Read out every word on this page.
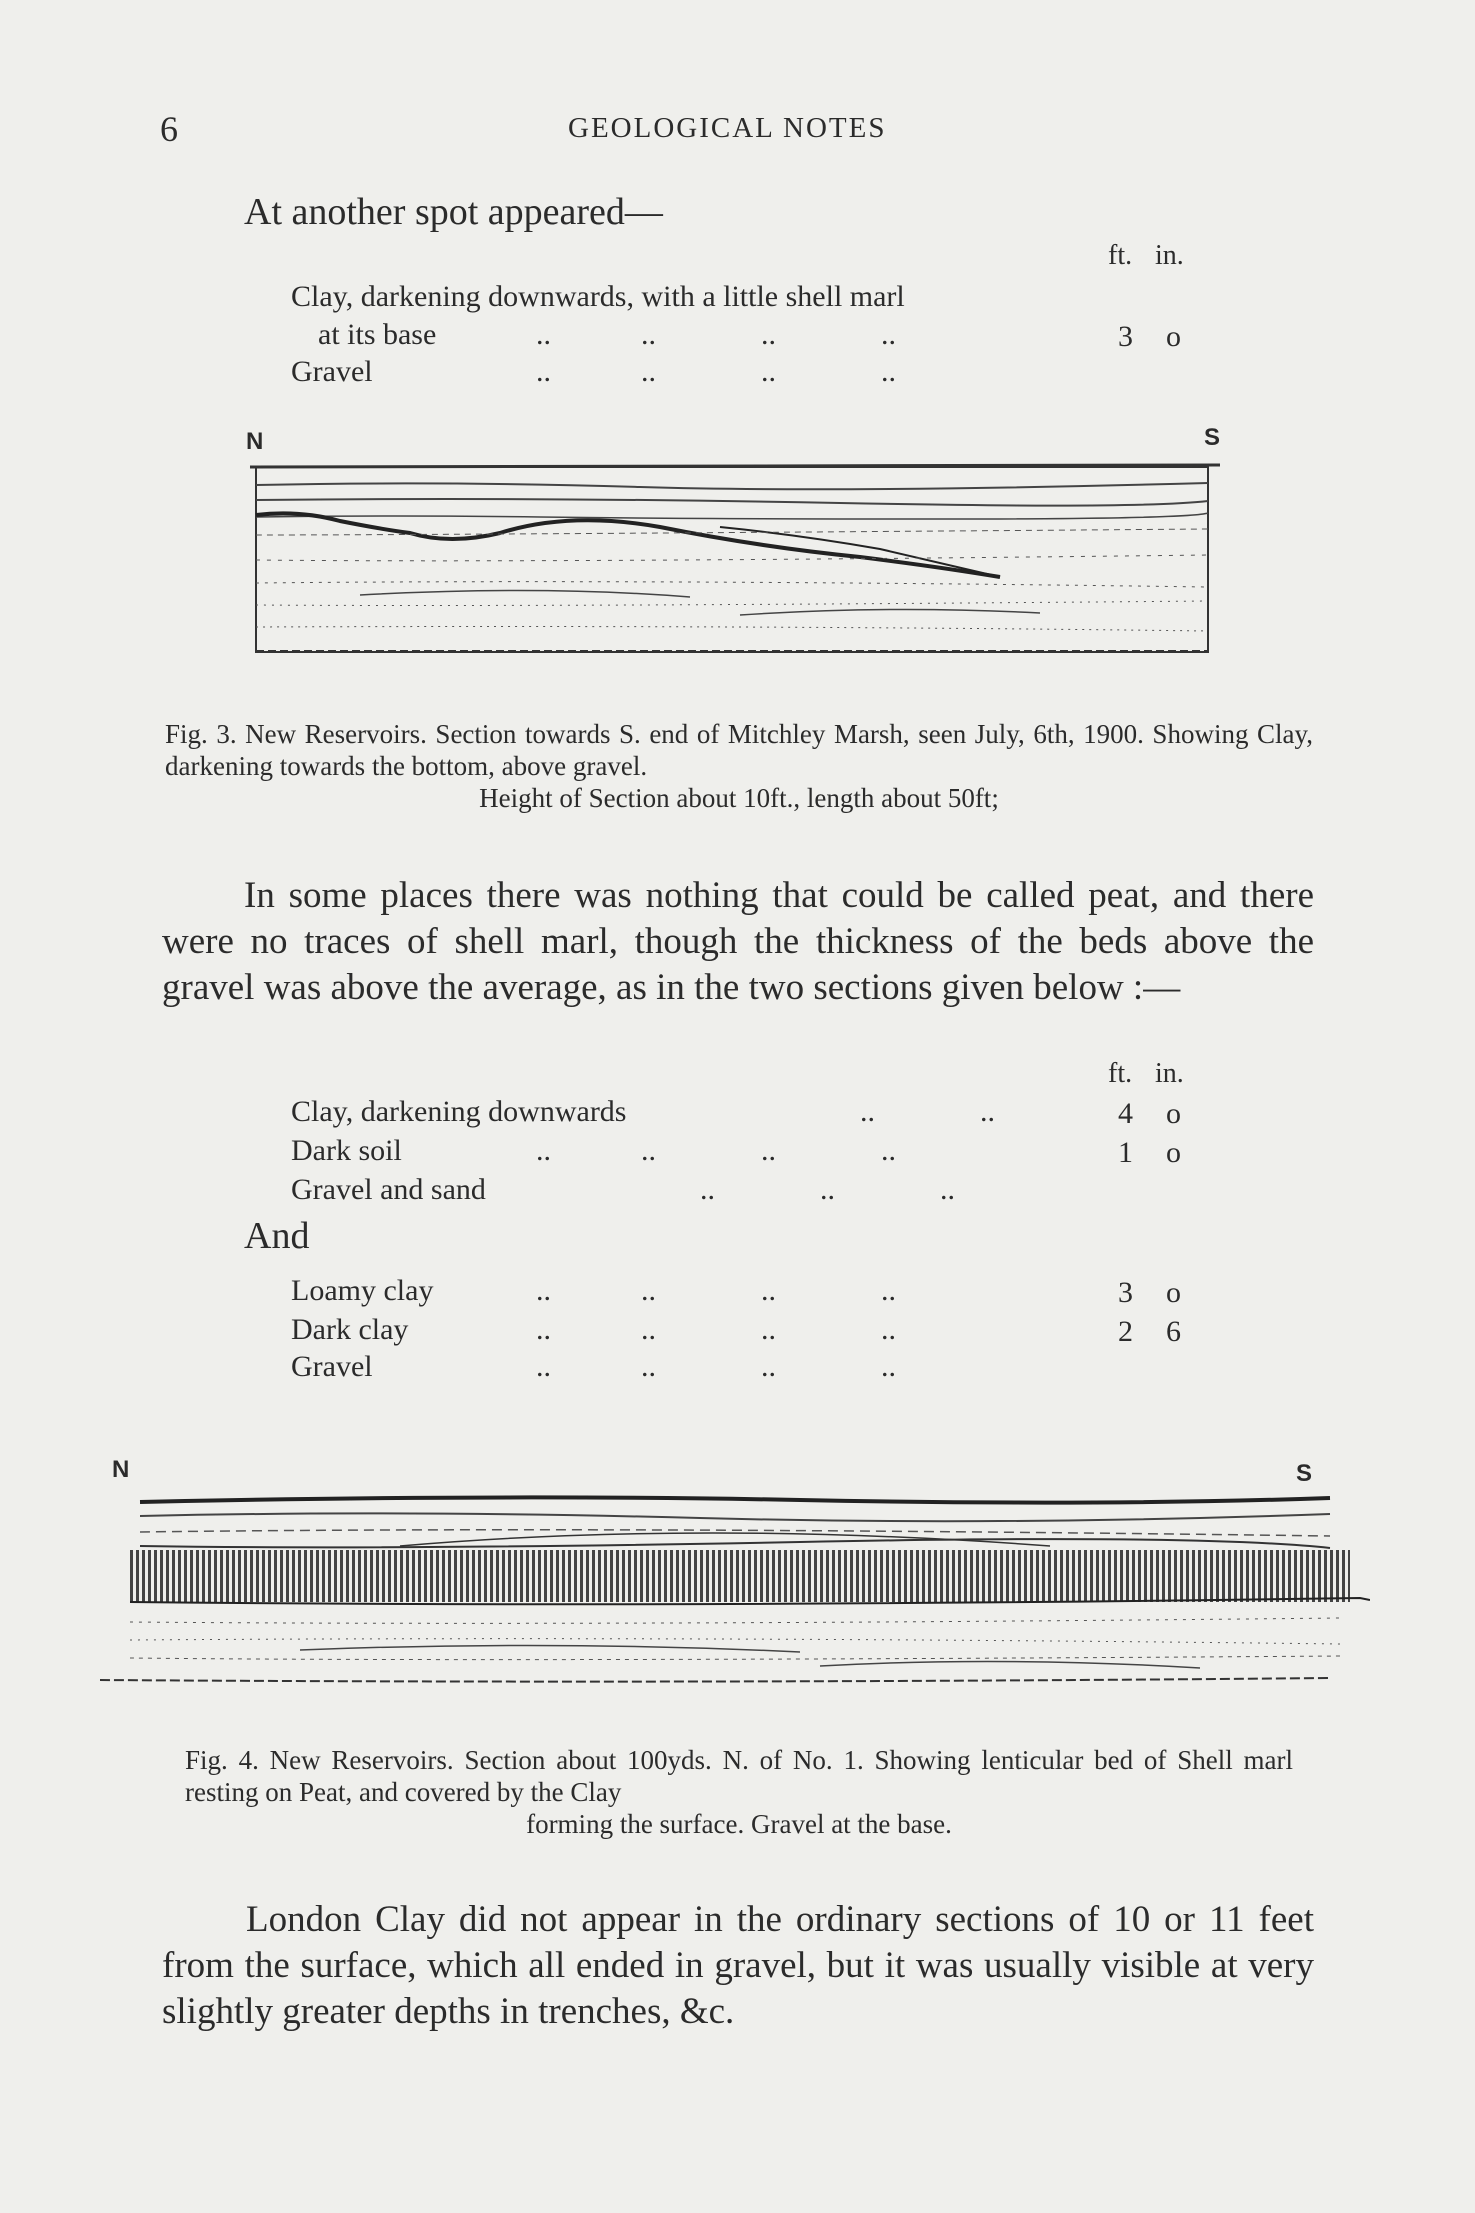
6	GEOLOGICAL NOTES
At another spot appeared—
ft. in.
Clay, darkening downwards, with a little shell marl
at its base	..            ..              ..              ..	3 o
Gravel	..            ..              ..              ..
N	S
Fig. 3. New Reservoirs. Section towards S. end of Mitchley Marsh, seen July, 6th, 1900. Showing Clay, darkening towards the bottom, above gravel.
Height of Section about 10ft., length about 50ft;
In some places there was nothing that could be called peat, and there were no traces of shell marl, though the thickness of the beds above the gravel was above the average, as in the two sections given below :—
ft. in.
Clay, darkening downwards	..              ..	4 o
Dark soil	..            ..              ..              ..	1 o
Gravel and sand	..              ..              ..
And
Loamy clay	..            ..              ..              ..	3 o
Dark clay	..            ..              ..              ..	2 6
Gravel	..            ..              ..              ..
N	S
Fig. 4. New Reservoirs. Section about 100yds. N. of No. 1. Showing lenticular bed of Shell marl resting on Peat, and covered by the Clay
forming the surface. Gravel at the base.
London Clay did not appear in the ordinary sections of 10 or 11 feet from the surface, which all ended in gravel, but it was usually visible at very slightly greater depths in trenches, &c.
